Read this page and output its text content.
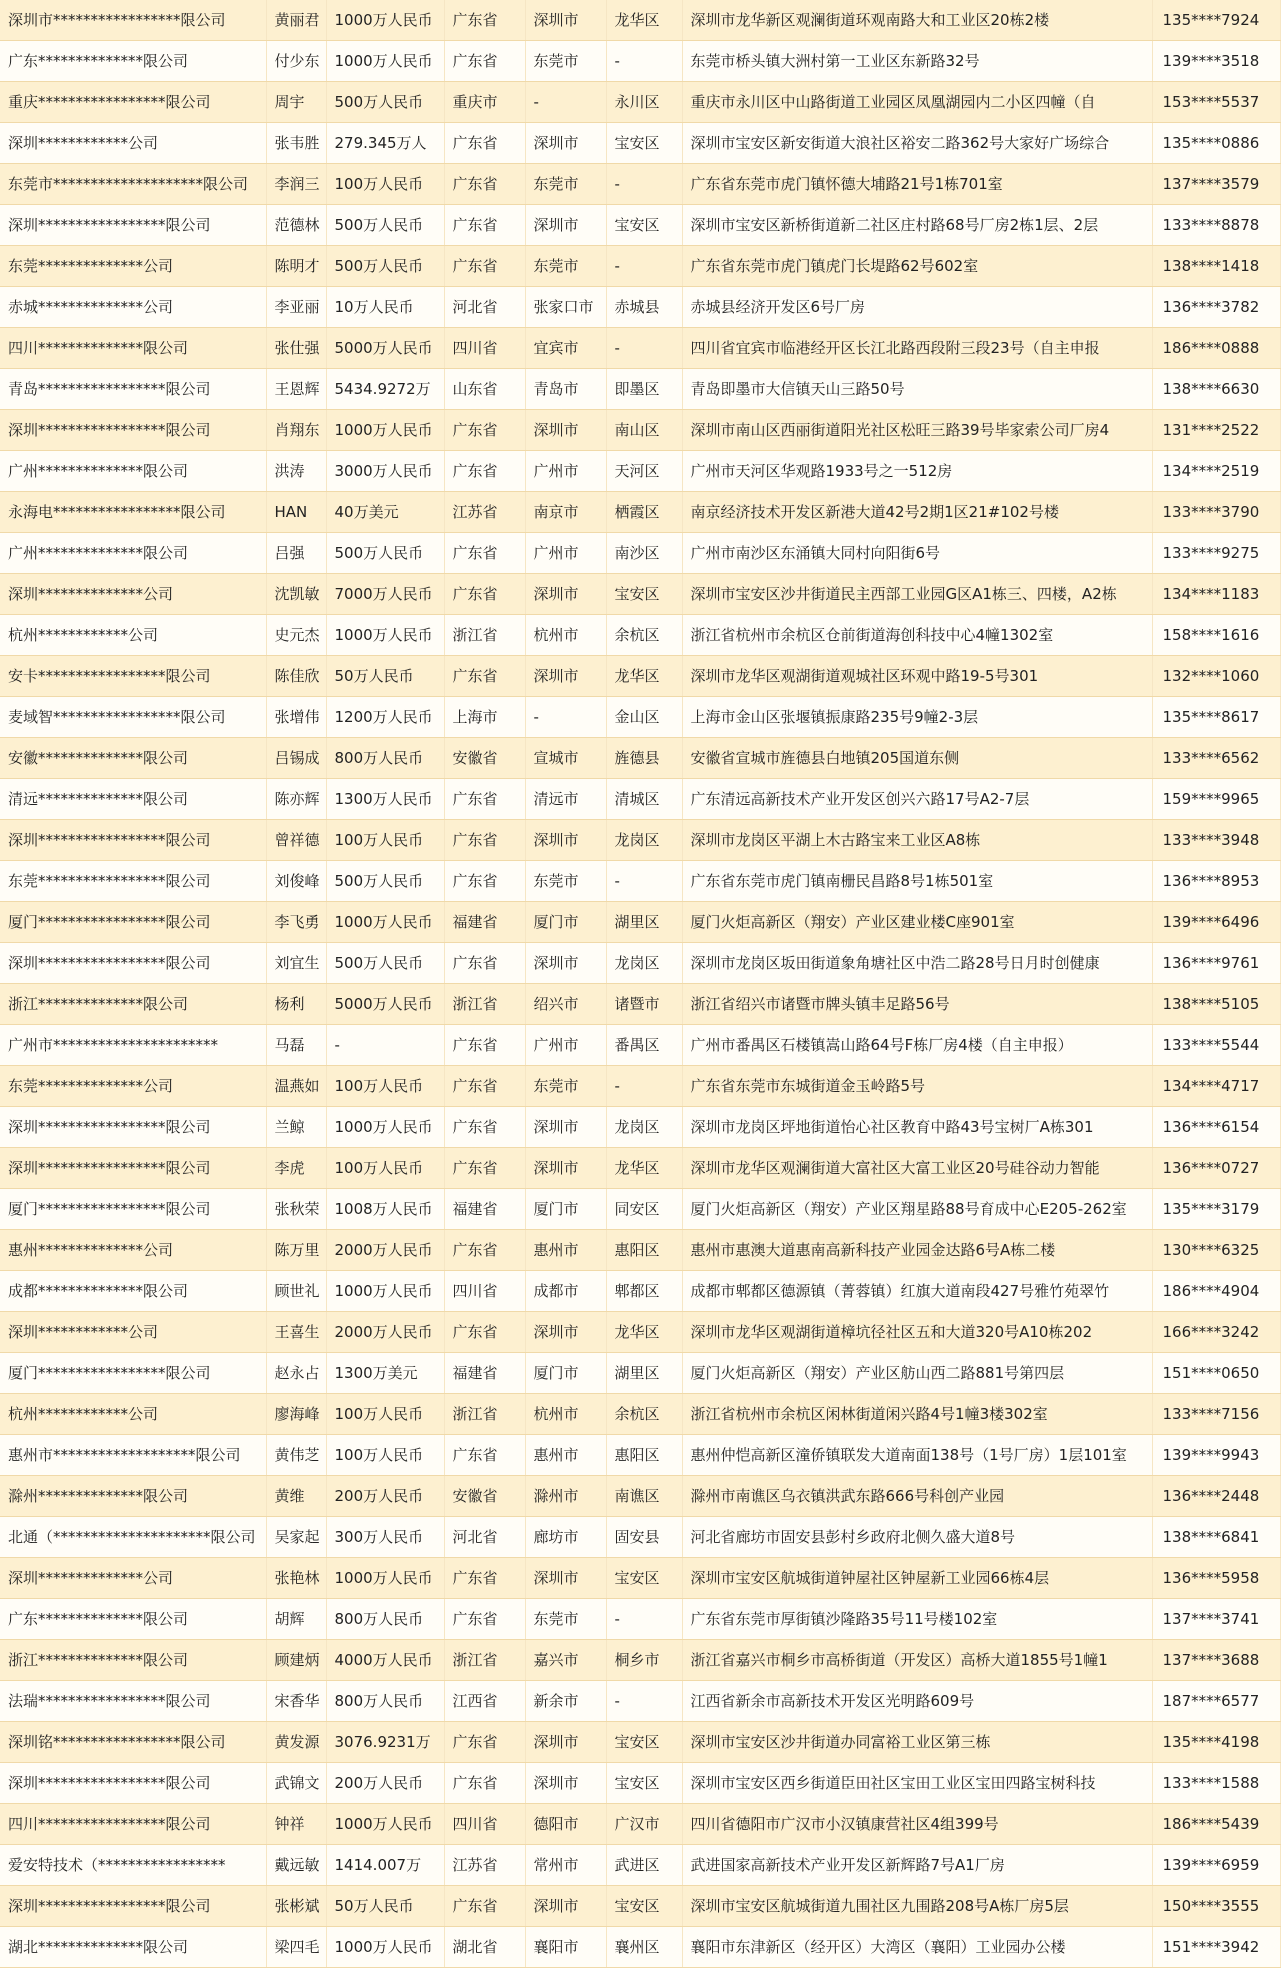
深圳市*****************限公司	黄丽君	1000万人民币	广东省	深圳市	龙华区	深圳市龙华新区观澜街道环观南路大和工业区20栋2楼	135****7924
广东**************限公司	付少东	1000万人民币	广东省	东莞市	-	东莞市桥头镇大洲村第一工业区东新路32号	139****3518
重庆*****************限公司	周宇	500万人民币	重庆市	-	永川区	重庆市永川区中山路街道工业园区凤凰湖园内二小区四幢（自	153****5537
深圳************公司	张韦胜	279.345万人	广东省	深圳市	宝安区	深圳市宝安区新安街道大浪社区裕安二路362号大家好广场综合	135****0886
东莞市********************限公司	李润三	100万人民币	广东省	东莞市	-	广东省东莞市虎门镇怀德大埔路21号1栋701室	137****3579
深圳*****************限公司	范德林	500万人民币	广东省	深圳市	宝安区	深圳市宝安区新桥街道新二社区庄村路68号厂房2栋1层、2层	133****8878
东莞**************公司	陈明才	500万人民币	广东省	东莞市	-	广东省东莞市虎门镇虎门长堤路62号602室	138****1418
赤城**************公司	李亚丽	10万人民币	河北省	张家口市	赤城县	赤城县经济开发区6号厂房	136****3782
四川**************限公司	张仕强	5000万人民币	四川省	宜宾市	-	四川省宜宾市临港经开区长江北路西段附三段23号（自主申报	186****0888
青岛*****************限公司	王恩辉	5434.9272万	山东省	青岛市	即墨区	青岛即墨市大信镇天山三路50号	138****6630
深圳*****************限公司	肖翔东	1000万人民币	广东省	深圳市	南山区	深圳市南山区西丽街道阳光社区松旺三路39号毕家索公司厂房4	131****2522
广州**************限公司	洪涛	3000万人民币	广东省	广州市	天河区	广州市天河区华观路1933号之一512房	134****2519
永海电*****************限公司	HAN	40万美元	江苏省	南京市	栖霞区	南京经济技术开发区新港大道42号2期1区21#102号楼	133****3790
广州**************限公司	吕强	500万人民币	广东省	广州市	南沙区	广州市南沙区东涌镇大同村向阳街6号	133****9275
深圳**************公司	沈凯敏	7000万人民币	广东省	深圳市	宝安区	深圳市宝安区沙井街道民主西部工业园G区A1栋三、四楼，A2栋	134****1183
杭州************公司	史元杰	1000万人民币	浙江省	杭州市	余杭区	浙江省杭州市余杭区仓前街道海创科技中心4幢1302室	158****1616
安卡*****************限公司	陈佳欣	50万人民币	广东省	深圳市	龙华区	深圳市龙华区观湖街道观城社区环观中路19-5号301	132****1060
麦域智*****************限公司	张增伟	1200万人民币	上海市	-	金山区	上海市金山区张堰镇振康路235号9幢2-3层	135****8617
安徽**************限公司	吕锡成	800万人民币	安徽省	宣城市	旌德县	安徽省宣城市旌德县白地镇205国道东侧	133****6562
清远**************限公司	陈亦辉	1300万人民币	广东省	清远市	清城区	广东清远高新技术产业开发区创兴六路17号A2-7层	159****9965
深圳*****************限公司	曾祥德	100万人民币	广东省	深圳市	龙岗区	深圳市龙岗区平湖上木古路宝来工业区A8栋	133****3948
东莞*****************限公司	刘俊峰	500万人民币	广东省	东莞市	-	广东省东莞市虎门镇南栅民昌路8号1栋501室	136****8953
厦门*****************限公司	李飞勇	1000万人民币	福建省	厦门市	湖里区	厦门火炬高新区（翔安）产业区建业楼C座901室	139****6496
深圳*****************限公司	刘宜生	500万人民币	广东省	深圳市	龙岗区	深圳市龙岗区坂田街道象角塘社区中浩二路28号日月时创健康	136****9761
浙江**************限公司	杨利	5000万人民币	浙江省	绍兴市	诸暨市	浙江省绍兴市诸暨市牌头镇丰足路56号	138****5105
广州市**********************	马磊	-	广东省	广州市	番禺区	广州市番禺区石楼镇嵩山路64号F栋厂房4楼（自主申报）	133****5544
东莞**************公司	温燕如	100万人民币	广东省	东莞市	-	广东省东莞市东城街道金玉岭路5号	134****4717
深圳*****************限公司	兰鲸	1000万人民币	广东省	深圳市	龙岗区	深圳市龙岗区坪地街道怡心社区教育中路43号宝树厂A栋301	136****6154
深圳*****************限公司	李虎	100万人民币	广东省	深圳市	龙华区	深圳市龙华区观澜街道大富社区大富工业区20号硅谷动力智能	136****0727
厦门*****************限公司	张秋荣	1008万人民币	福建省	厦门市	同安区	厦门火炬高新区（翔安）产业区翔星路88号育成中心E205-262室	135****3179
惠州**************公司	陈万里	2000万人民币	广东省	惠州市	惠阳区	惠州市惠澳大道惠南高新科技产业园金达路6号A栋二楼	130****6325
成都**************限公司	顾世礼	1000万人民币	四川省	成都市	郫都区	成都市郫都区德源镇（菁蓉镇）红旗大道南段427号雅竹苑翠竹	186****4904
深圳************公司	王喜生	2000万人民币	广东省	深圳市	龙华区	深圳市龙华区观湖街道樟坑径社区五和大道320号A10栋202	166****3242
厦门*****************限公司	赵永占	1300万美元	福建省	厦门市	湖里区	厦门火炬高新区（翔安）产业区舫山西二路881号第四层	151****0650
杭州************公司	廖海峰	100万人民币	浙江省	杭州市	余杭区	浙江省杭州市余杭区闲林街道闲兴路4号1幢3楼302室	133****7156
惠州市*******************限公司	黄伟芝	100万人民币	广东省	惠州市	惠阳区	惠州仲恺高新区潼侨镇联发大道南面138号（1号厂房）1层101室	139****9943
滁州**************限公司	黄维	200万人民币	安徽省	滁州市	南谯区	滁州市南谯区乌衣镇洪武东路666号科创产业园	136****2448
北通（*********************限公司	吴家起	300万人民币	河北省	廊坊市	固安县	河北省廊坊市固安县彭村乡政府北侧久盛大道8号	138****6841
深圳**************公司	张艳林	1000万人民币	广东省	深圳市	宝安区	深圳市宝安区航城街道钟屋社区钟屋新工业园66栋4层	136****5958
广东**************限公司	胡辉	800万人民币	广东省	东莞市	-	广东省东莞市厚街镇沙隆路35号11号楼102室	137****3741
浙江**************限公司	顾建炳	4000万人民币	浙江省	嘉兴市	桐乡市	浙江省嘉兴市桐乡市高桥街道（开发区）高桥大道1855号1幢1	137****3688
法瑞*****************限公司	宋香华	800万人民币	江西省	新余市	-	江西省新余市高新技术开发区光明路609号	187****6577
深圳铭*****************限公司	黄发源	3076.9231万	广东省	深圳市	宝安区	深圳市宝安区沙井街道办同富裕工业区第三栋	135****4198
深圳*****************限公司	武锦文	200万人民币	广东省	深圳市	宝安区	深圳市宝安区西乡街道臣田社区宝田工业区宝田四路宝树科技	133****1588
四川*****************限公司	钟祥	1000万人民币	四川省	德阳市	广汉市	四川省德阳市广汉市小汉镇康营社区4组399号	186****5439
爱安特技术（*****************	戴远敏	1414.007万	江苏省	常州市	武进区	武进国家高新技术产业开发区新辉路7号A1厂房	139****6959
深圳*****************限公司	张彬斌	50万人民币	广东省	深圳市	宝安区	深圳市宝安区航城街道九围社区九围路208号A栋厂房5层	150****3555
湖北**************限公司	梁四毛	1000万人民币	湖北省	襄阳市	襄州区	襄阳市东津新区（经开区）大湾区（襄阳）工业园办公楼	151****3942
